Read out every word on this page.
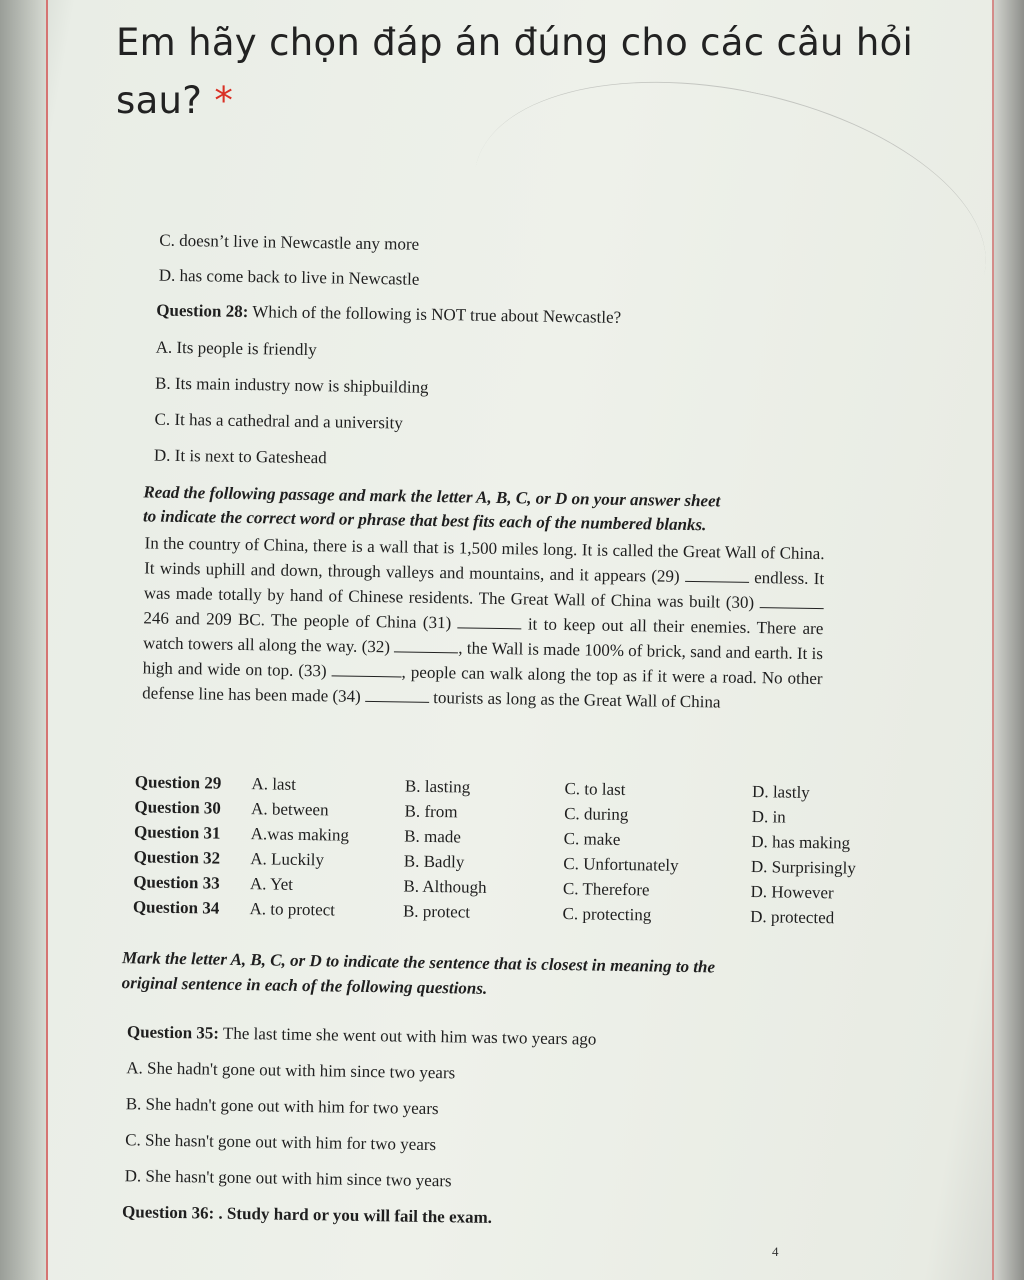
Em hãy chọn đáp án đúng cho các câu hỏi sau? *
C. doesn’t live in Newcastle any more
D. has come back to live in Newcastle
Question 28: Which of the following is NOT true about Newcastle?
A. Its people is friendly
B. Its main industry now is shipbuilding
C. It has a cathedral and a university
D. It is next to Gateshead
Read the following passage and mark the letter A, B, C, or D on your answer sheet
to indicate the correct word or phrase that best fits each of the numbered blanks.
In the country of China, there is a wall that is 1,500 miles long. It is called the Great Wall of China. It winds uphill and down, through valleys and mountains, and it appears (29)	endless. It was made totally by hand of Chinese residents. The Great Wall of China was built (30)  246 and 209 BC. The people of China (31)	it to keep out all their enemies. There are watch towers all along the way. (32)	, the Wall is made 100% of brick, sand and earth. It is high and wide on top. (33)	, people can walk along the top as if it were a road. No other defense line has been made (34)	tourists as long as the Great Wall of China
Question 29	A. last	B. lasting	C. to last	D. lastly
Question 30	A. between	B. from	C. during	D. in
Question 31	A.was making	B. made	C. make	D. has making
Question 32	A. Luckily	B. Badly	C. Unfortunately	D. Surprisingly
Question 33	A. Yet	B. Although	C. Therefore	D. However
Question 34	A. to protect	B. protect	C. protecting	D. protected
Mark the letter A, B, C, or D to indicate the sentence that is closest in meaning to the
original sentence in each of the following questions.
Question 35: The last time she went out with him was two years ago
A. She hadn't gone out with him since two years
B. She hadn't gone out with him for two years
C. She hasn't gone out with him for two years
D. She hasn't gone out with him since two years
Question 36: . Study hard or you will fail the exam.
4
